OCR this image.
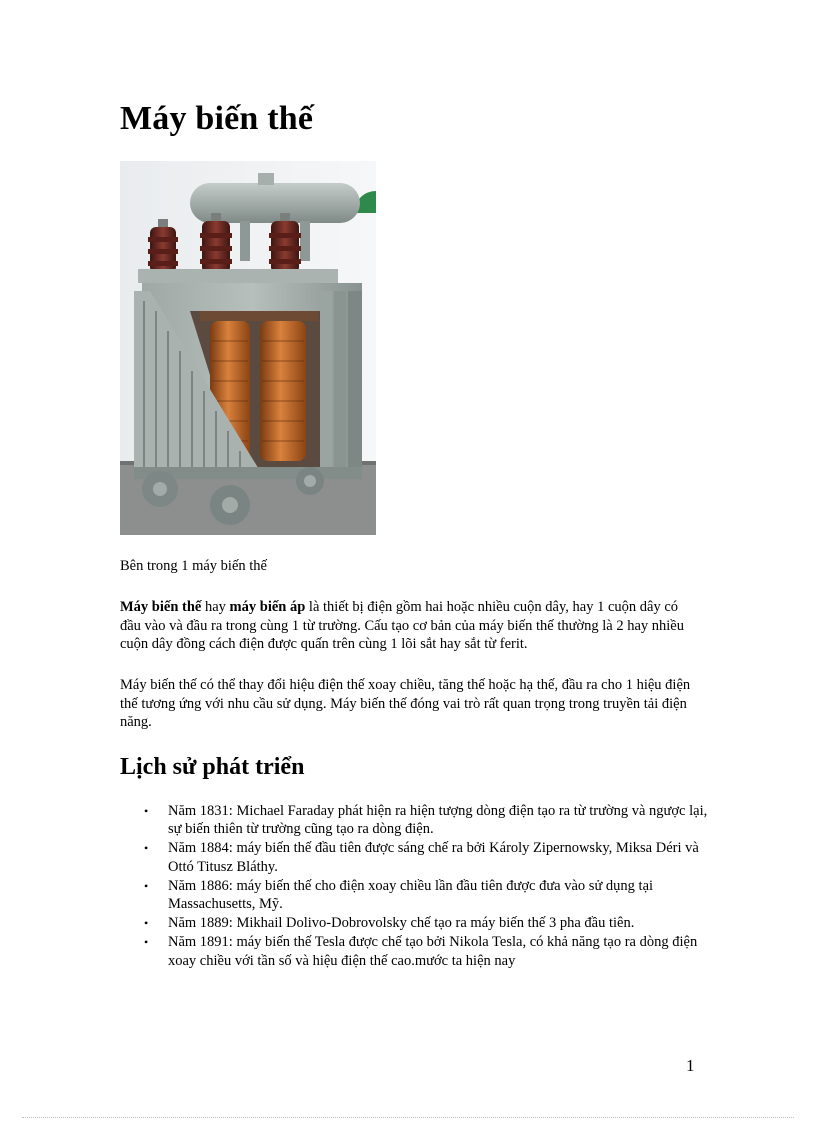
Máy biến thế

Bên trong 1 máy biến thế

Máy biến thế hay máy biến áp là thiết bị điện gồm hai hoặc nhiều cuộn dây, hay 1 cuộn dây có đầu vào và đầu ra trong cùng 1 từ trường. Cấu tạo cơ bản của máy biến thế thường là 2 hay nhiều cuộn dây đồng cách điện được quấn trên cùng 1 lõi sắt hay sắt từ ferit.

Máy biến thế có thể thay đổi hiệu điện thế xoay chiều, tăng thế hoặc hạ thế, đầu ra cho 1 hiệu điện thế tương ứng với nhu cầu sử dụng. Máy biến thế đóng vai trò rất quan trọng trong truyền tải điện năng.

Lịch sử phát triển
• Năm 1831: Michael Faraday phát hiện ra hiện tượng dòng điện tạo ra từ trường và ngược lại, sự biến thiên từ trường cũng tạo ra dòng điện.
• Năm 1884: máy biến thế đầu tiên được sáng chế ra bởi Károly Zipernowsky, Miksa Déri và Ottó Titusz Bláthy.
• Năm 1886: máy biến thế cho điện xoay chiều lần đầu tiên được đưa vào sử dụng tại Massachusetts, Mỹ.
• Năm 1889: Mikhail Dolivo-Dobrovolsky chế tạo ra máy biến thế 3 pha đầu tiên.
• Năm 1891: máy biến thế Tesla được chế tạo bởi Nikola Tesla, có khả năng tạo ra dòng điện xoay chiều với tần số và hiệu điện thế cao.mước ta hiện nay
1
